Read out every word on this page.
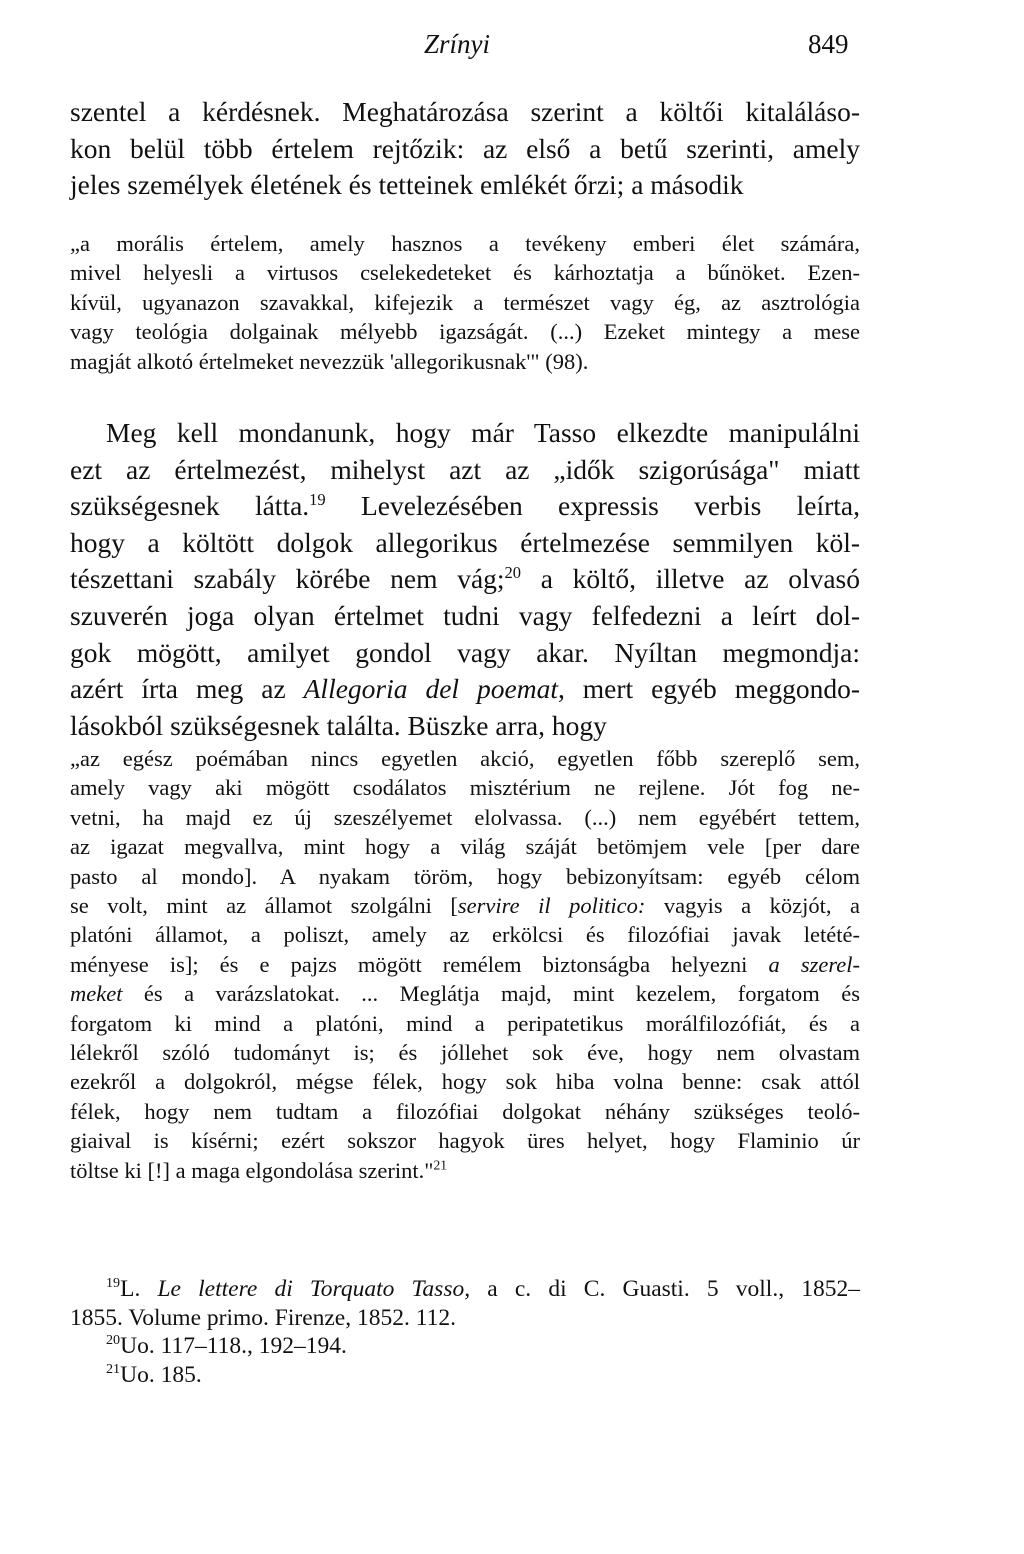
Zrínyi	849
szentel a kérdésnek. Meghatározása szerint a költői kitaláláso-
kon belül több értelem rejtőzik: az első a betű szerinti, amely
jeles személyek életének és tetteinek emlékét őrzi; a második
„a morális értelem, amely hasznos a tevékeny emberi élet számára,
mivel helyesli a virtusos cselekedeteket és kárhoztatja a bűnöket. Ezen-
kívül, ugyanazon szavakkal, kifejezik a természet vagy ég, az asztrológia
vagy teológia dolgainak mélyebb igazságát. (...) Ezeket mintegy a mese
magját alkotó értelmeket nevezzük 'allegorikusnak'" (98).
Meg kell mondanunk, hogy már Tasso elkezdte manipulálni
ezt az értelmezést, mihelyst azt az „idők szigorúsága" miatt
szükségesnek látta.$^{19}$ Levelezésében expressis verbis leírta,
hogy a költött dolgok allegorikus értelmezése semmilyen köl-
tészettani szabály körébe nem vág;$^{20}$ a költő, illetve az olvasó
szuverén joga olyan értelmet tudni vagy felfedezni a leírt dol-
gok mögött, amilyet gondol vagy akar. Nyíltan megmondja:
azért írta meg az Allegoria del poemat, mert egyéb meggondo-
lásokból szükségesnek találta. Büszke arra, hogy
„az egész poémában nincs egyetlen akció, egyetlen főbb szereplő sem,
amely vagy aki mögött csodálatos misztérium ne rejlene. Jót fog ne-
vetni, ha majd ez új szeszélyemet elolvassa. (...) nem egyébért tettem,
az igazat megvallva, mint hogy a világ száját betömjem vele [per dare
pasto al mondo]. A nyakam töröm, hogy bebizonyítsam: egyéb célom
se volt, mint az államot szolgálni [servire il politico: vagyis a közjót, a
platóni államot, a poliszt, amely az erkölcsi és filozófiai javak letété-
ményese is]; és e pajzs mögött remélem biztonságba helyezni a szerel-
meket és a varázslatokat. ... Meglátja majd, mint kezelem, forgatom és
forgatom ki mind a platóni, mind a peripatetikus morálfilozófiát, és a
lélekről szóló tudományt is; és jóllehet sok éve, hogy nem olvastam
ezekről a dolgokról, mégse félek, hogy sok hiba volna benne: csak attól
félek, hogy nem tudtam a filozófiai dolgokat néhány szükséges teoló-
giaival is kísérni; ezért sokszor hagyok üres helyet, hogy Flaminio úr
töltse ki [!] a maga elgondolása szerint."$^{21}$
$^{19}$L. Le lettere di Torquato Tasso, a c. di C. Guasti. 5 voll., 1852–
1855. Volume primo. Firenze, 1852. 112.
$^{20}$Uo. 117–118., 192–194.
$^{21}$Uo. 185.
